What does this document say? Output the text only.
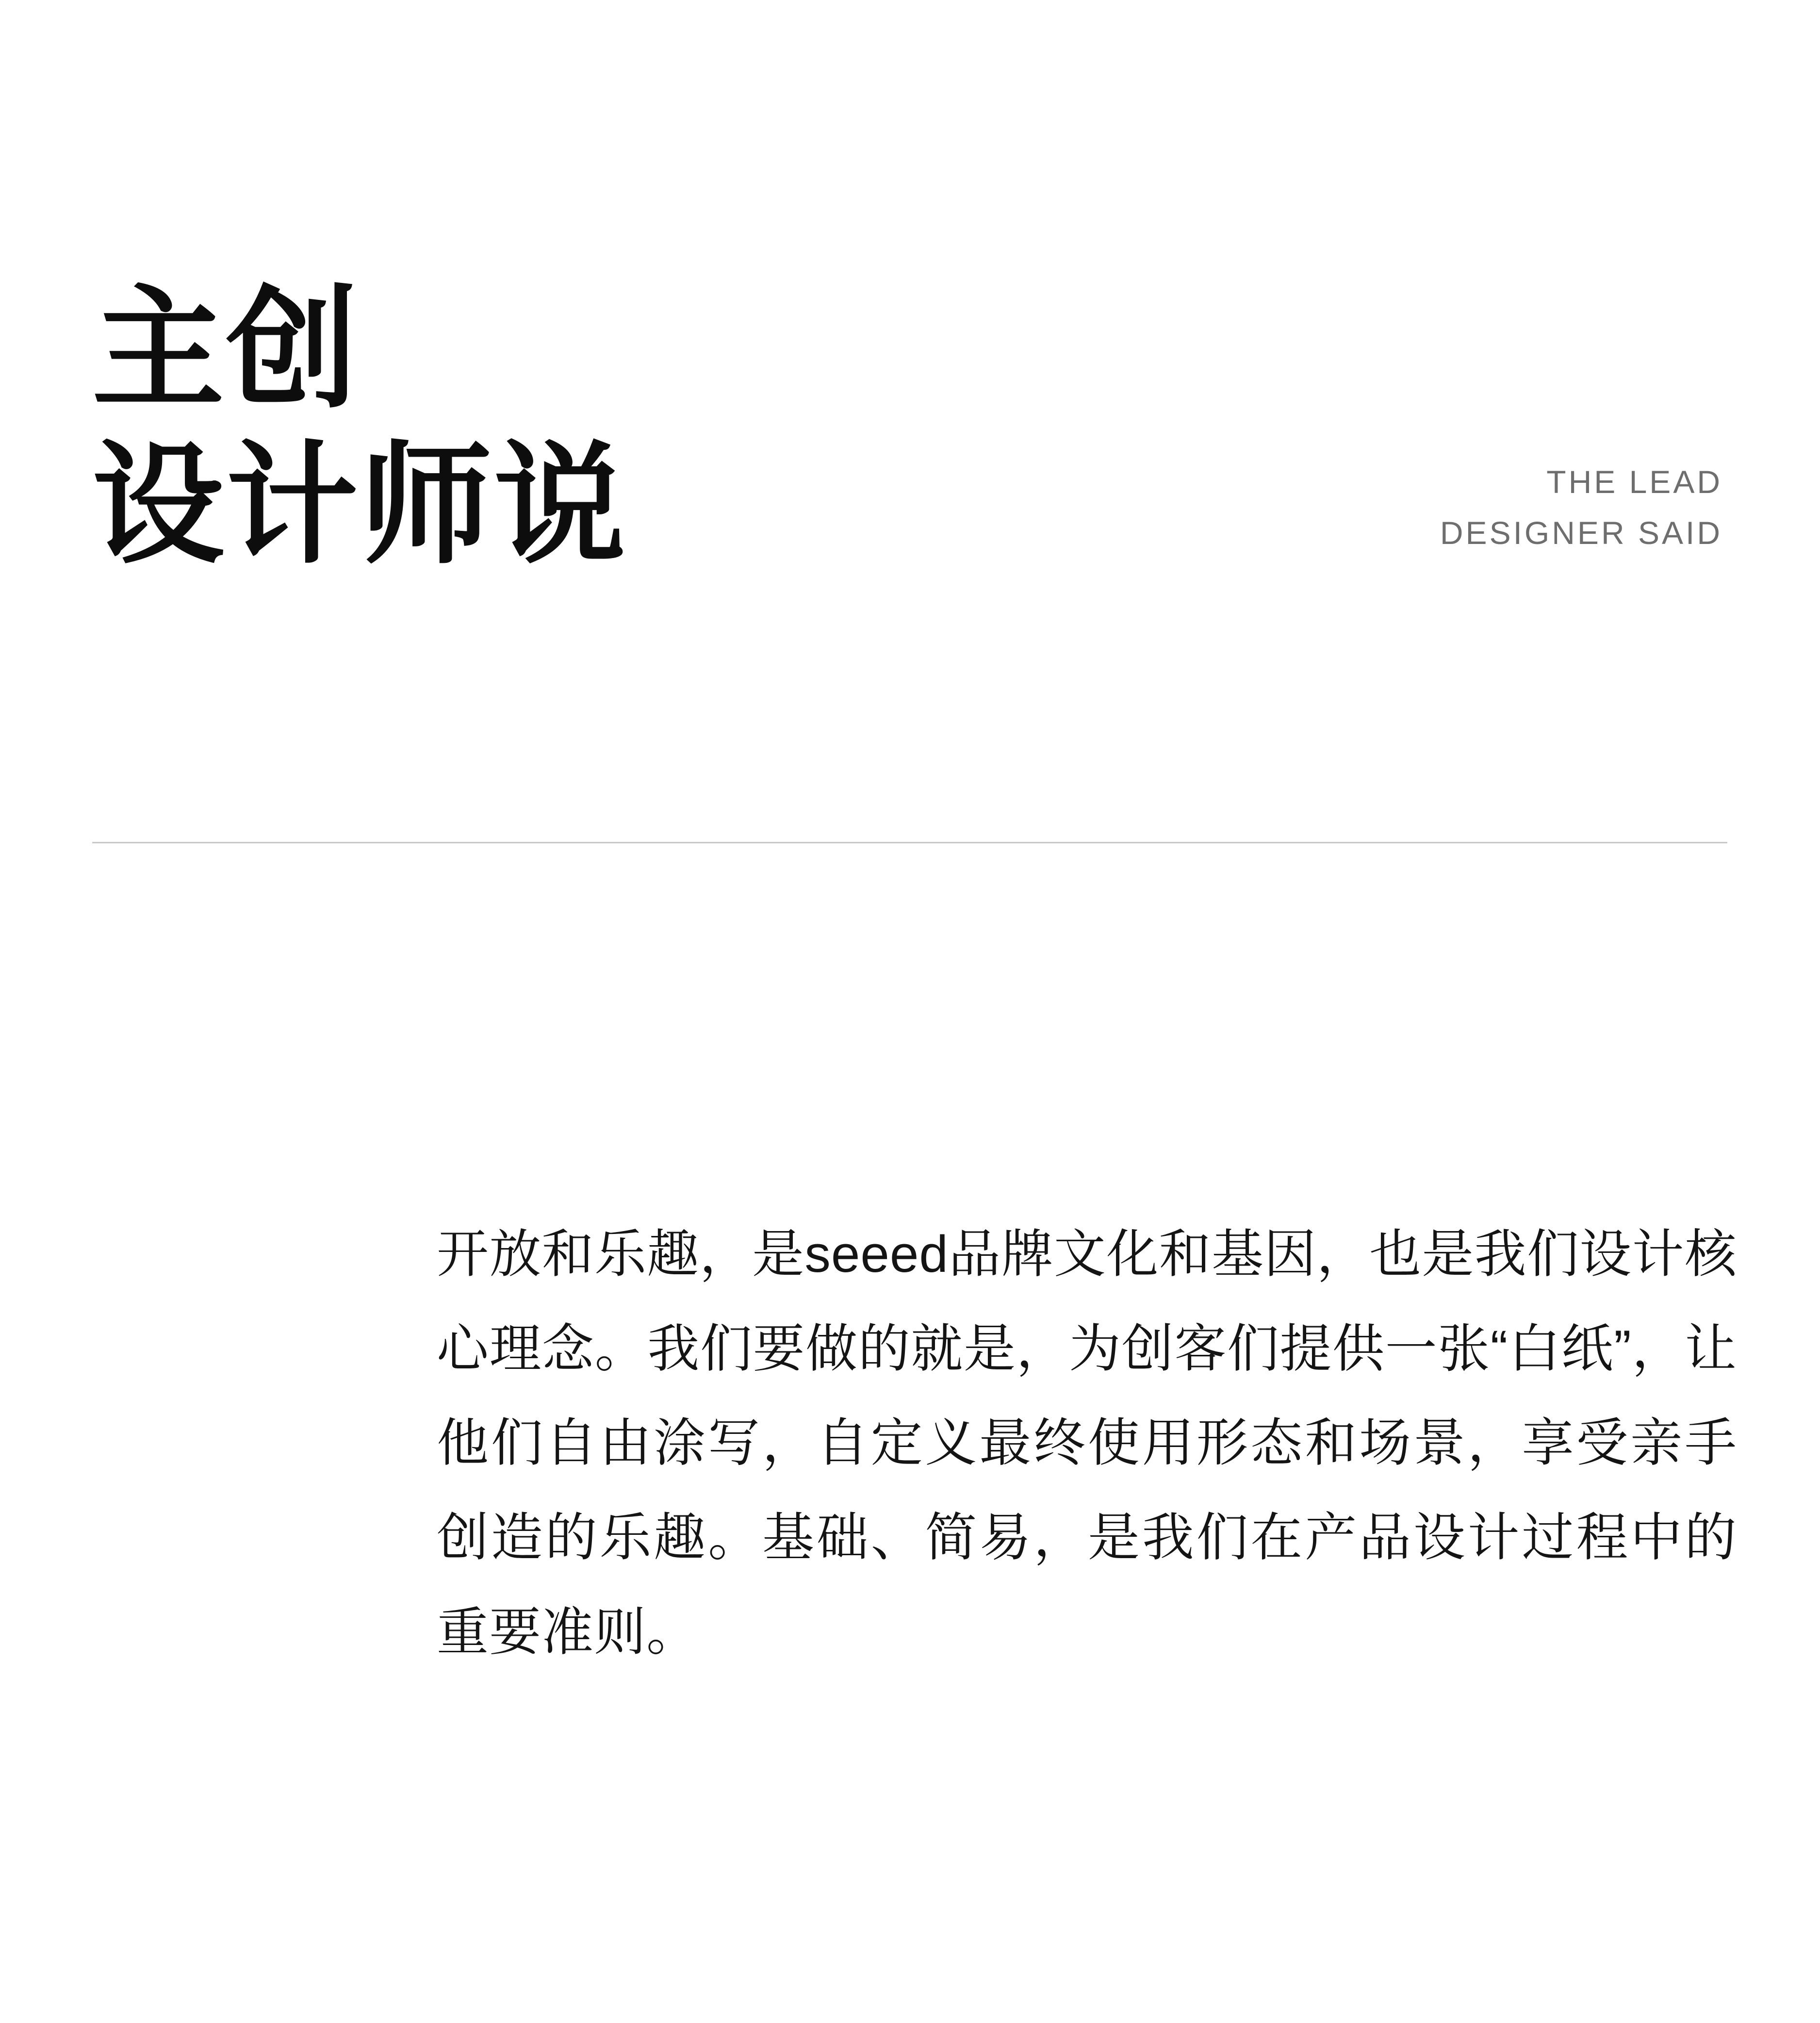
主创
设计师说	THE LEAD
DESIGNER SAID

开放和乐趣，是seeed品牌文化和基因，也是我们设计核心理念。我们要做的就是，为创客们提供一张“白纸”，让他们自由涂写，自定义最终使用形态和场景，享受亲手创造的乐趣。基础、简易，是我们在产品设计过程中的重要准则。
